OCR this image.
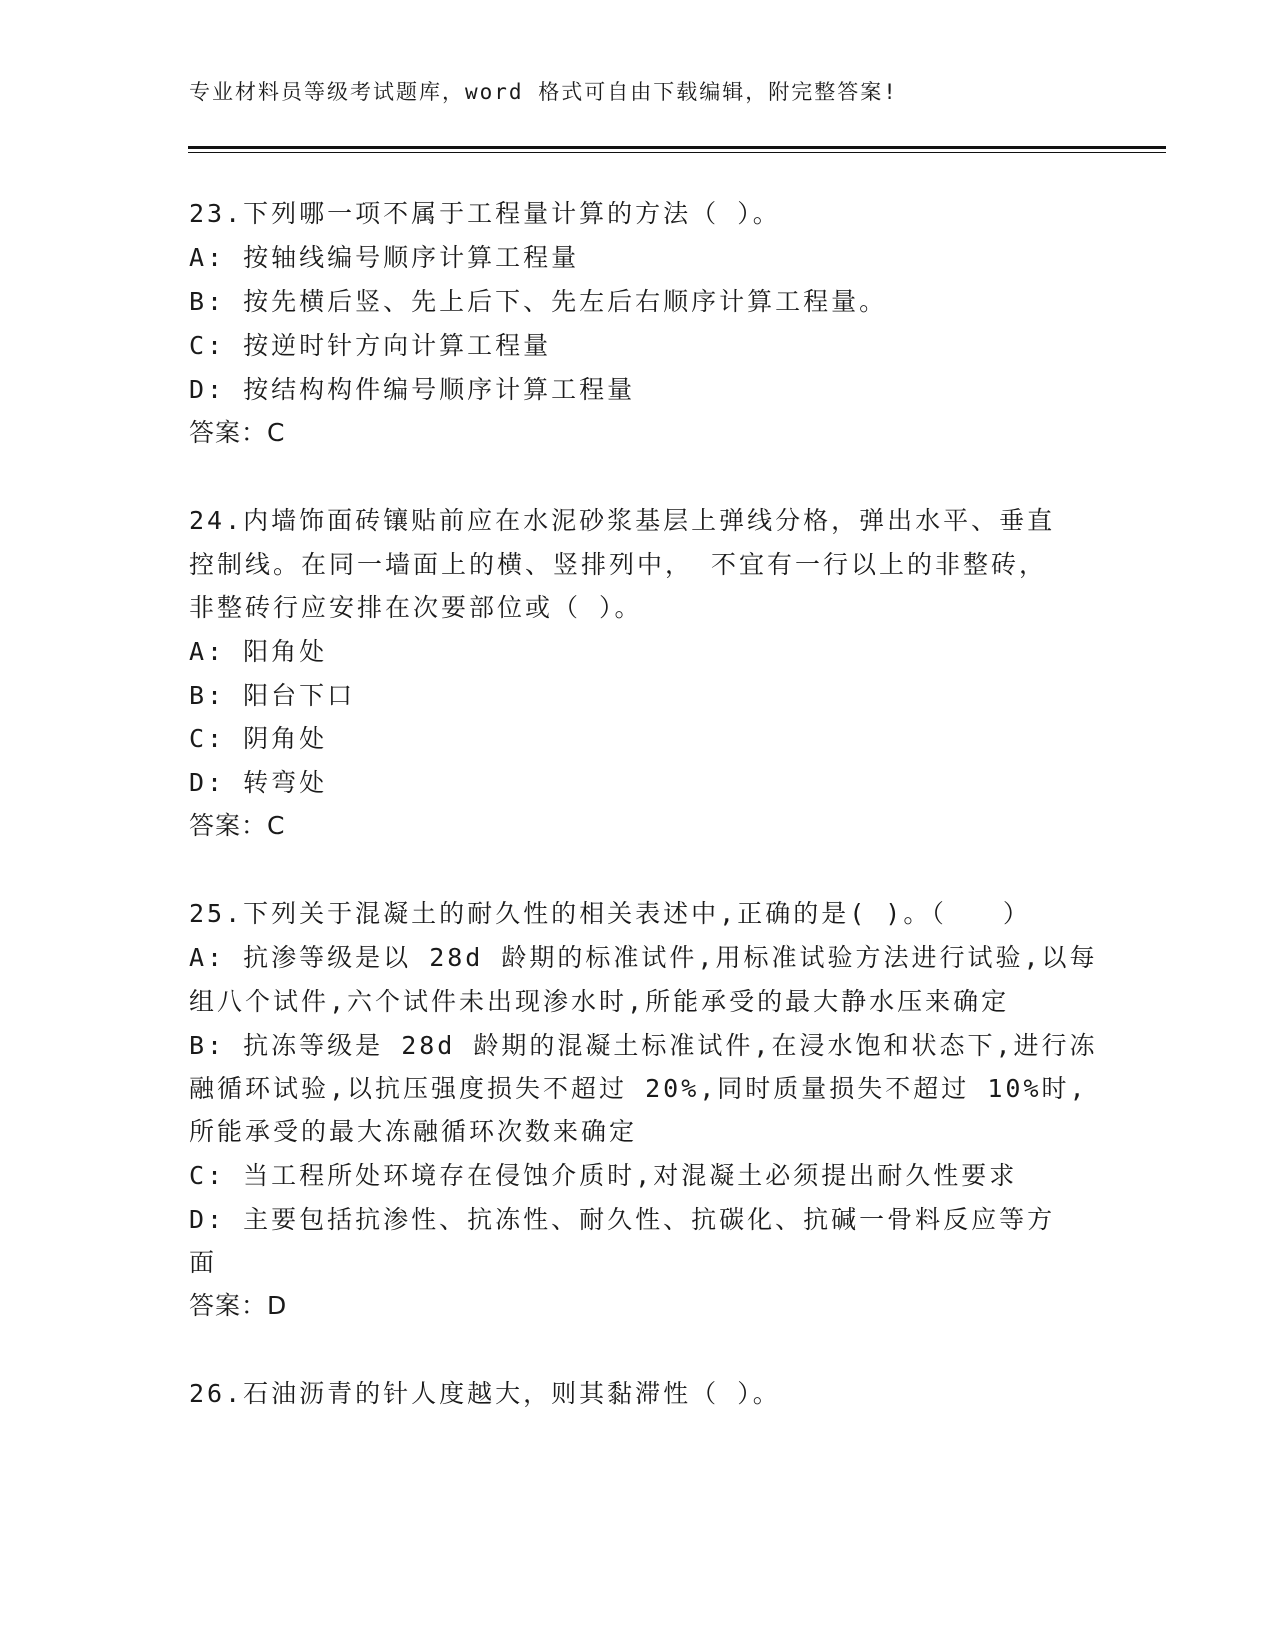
专业材料员等级考试题库，word 格式可自由下载编辑，附完整答案!
23.下列哪一项不属于工程量计算的方法（ ）。
A: 按轴线编号顺序计算工程量
B: 按先横后竖、先上后下、先左后右顺序计算工程量。
C: 按逆时针方向计算工程量
D: 按结构构件编号顺序计算工程量
答案：C
24.内墙饰面砖镶贴前应在水泥砂浆基层上弹线分格，弹出水平、垂直
控制线。在同一墙面上的横、竖排列中， 不宜有一行以上的非整砖，
非整砖行应安排在次要部位或（ ）。
A: 阳角处
B: 阳台下口
C: 阴角处
D: 转弯处
答案：C
25.下列关于混凝土的耐久性的相关表述中,正确的是( )。（　　）
A: 抗渗等级是以 28d 龄期的标准试件,用标准试验方法进行试验,以每
组八个试件,六个试件未出现渗水时,所能承受的最大静水压来确定
B: 抗冻等级是 28d 龄期的混凝土标准试件,在浸水饱和状态下,进行冻
融循环试验,以抗压强度损失不超过 20%,同时质量损失不超过 10%时,
所能承受的最大冻融循环次数来确定
C: 当工程所处环境存在侵蚀介质时,对混凝土必须提出耐久性要求
D: 主要包括抗渗性、抗冻性、耐久性、抗碳化、抗碱一骨料反应等方
面
答案：D
26.石油沥青的针人度越大，则其黏滞性（ ）。
